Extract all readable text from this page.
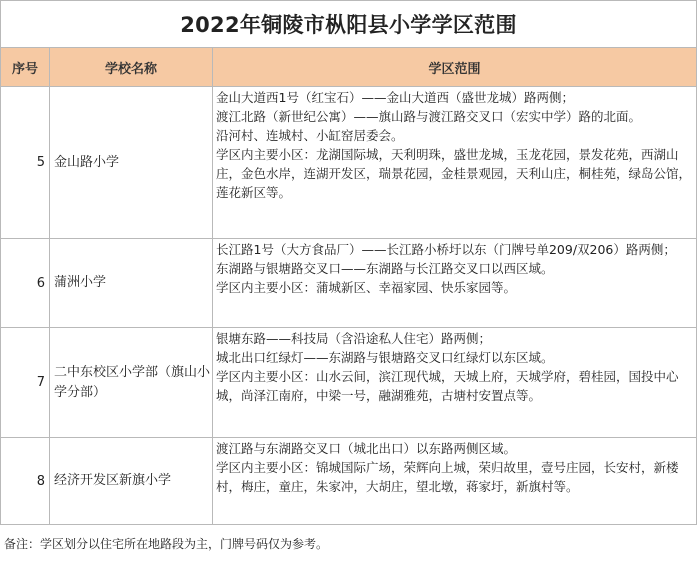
2022年铜陵市枞阳县小学学区范围		
序号	学校名称	学区范围
5	金山路小学	金山大道西1号（红宝石）——金山大道西（盛世龙城）路两侧；
渡江北路（新世纪公寓）——旗山路与渡江路交叉口（宏实中学）路的北面。
沿河村、连城村、小缸窑居委会。
学区内主要小区：龙湖国际城，天利明珠，盛世龙城，玉龙花园，景发花苑，西湖山庄，金色水岸，连湖开发区，瑞景花园，金桂景观园，天利山庄，桐桂苑，绿岛公馆，莲花新区等。

6	蒲洲小学	长江路1号（大方食品厂）——长江路小桥圩以东（门牌号单209/双206）路两侧；
东湖路与银塘路交叉口——东湖路与长江路交叉口以西区域。
学区内主要小区：蒲城新区、幸福家园、快乐家园等。

7	二中东校区小学部（旗山小学分部）	银塘东路——科技局（含沿途私人住宅）路两侧；
城北出口红绿灯——东湖路与银塘路交叉口红绿灯以东区域。
学区内主要小区：山水云间，滨江现代城，天城上府，天城学府，碧桂园，国投中心城，尚泽江南府，中梁一号，融湖雅苑，古塘村安置点等。

8	经济开发区新旗小学	渡江路与东湖路交叉口（城北出口）以东路两侧区域。
学区内主要小区：锦城国际广场，荣辉向上城，荣归故里，壹号庄园，长安村，新楼村，梅庄，童庄，朱家冲，大胡庄，望北墩，蒋家圩，新旗村等。
备注：学区划分以住宅所在地路段为主，门牌号码仅为参考。
